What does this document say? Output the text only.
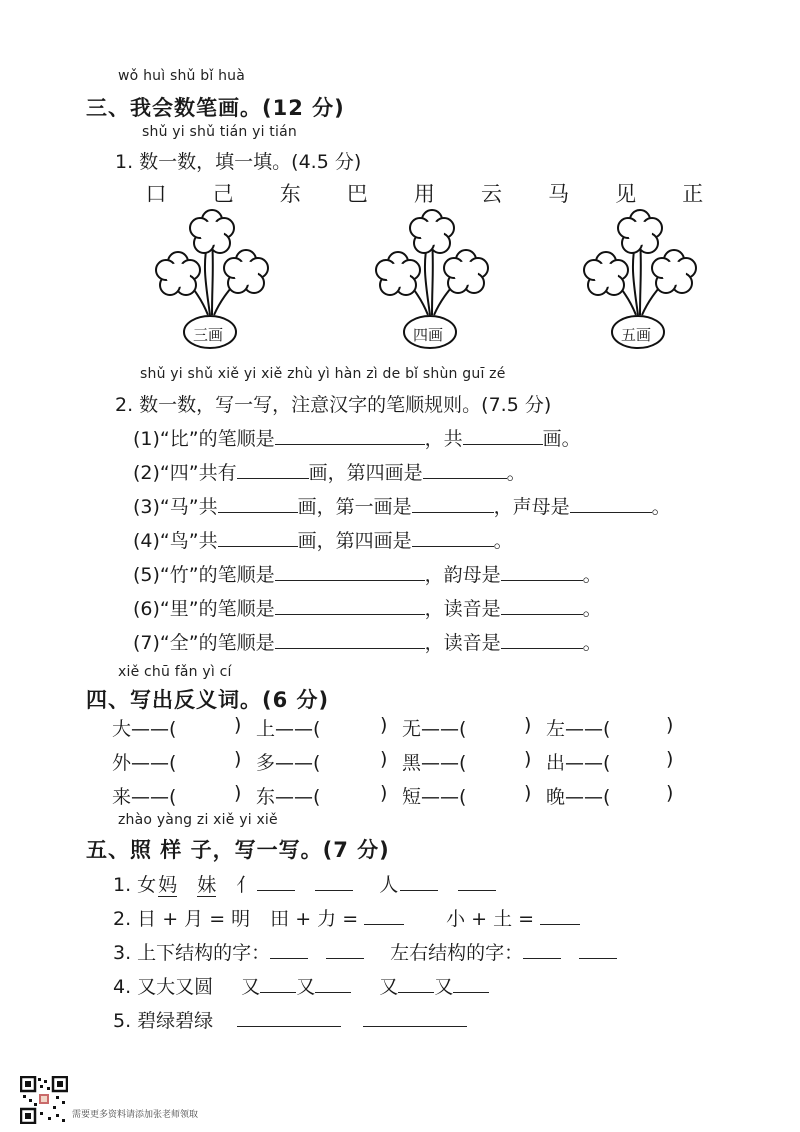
wǒ huì shǔ bǐ huà
三、我会数笔画。(12 分)
shǔ yi shǔ tián yi tián
1. 数一数，填一填。(4.5 分)
口 己 东 巴 用 云 马 见 正
三画	四画	五画
shǔ yi shǔ xiě yi xiě zhù yì hàn zì de bǐ shùn guī zé
2. 数一数，写一写，注意汉字的笔顺规则。(7.5 分)
(1)“比”的笔顺是	，共	画。
(2)“四”共有	画，第四画是	。
(3)“马”共	画，第一画是	，声母是	。
(4)“鸟”共	画，第四画是	。
(5)“竹”的笔顺是	，韵母是	。
(6)“里”的笔顺是	，读音是	。
(7)“全”的笔顺是	，读音是	。
xiě chū fǎn yì cí
四、写出反义词。(6 分)
大——(	) 上——(	) 无——(	) 左——(	)
外——(	) 多——(	) 黑——(	) 出——(	)
来——(	) 东——(	) 短——(	) 晚——(	)
zhào yàng zi xiě yi xiě
五、照 样 子，写一写。(7 分)
1. 女 妈 妹 亻	人
2. 日 + 月 = 明 田 + 力 =	小 + 土 =
3. 上下结构的字：	左右结构的字：
4. 又大又圆 又 又	又 又
5. 碧绿碧绿
需要更多资料请添加张老师领取
